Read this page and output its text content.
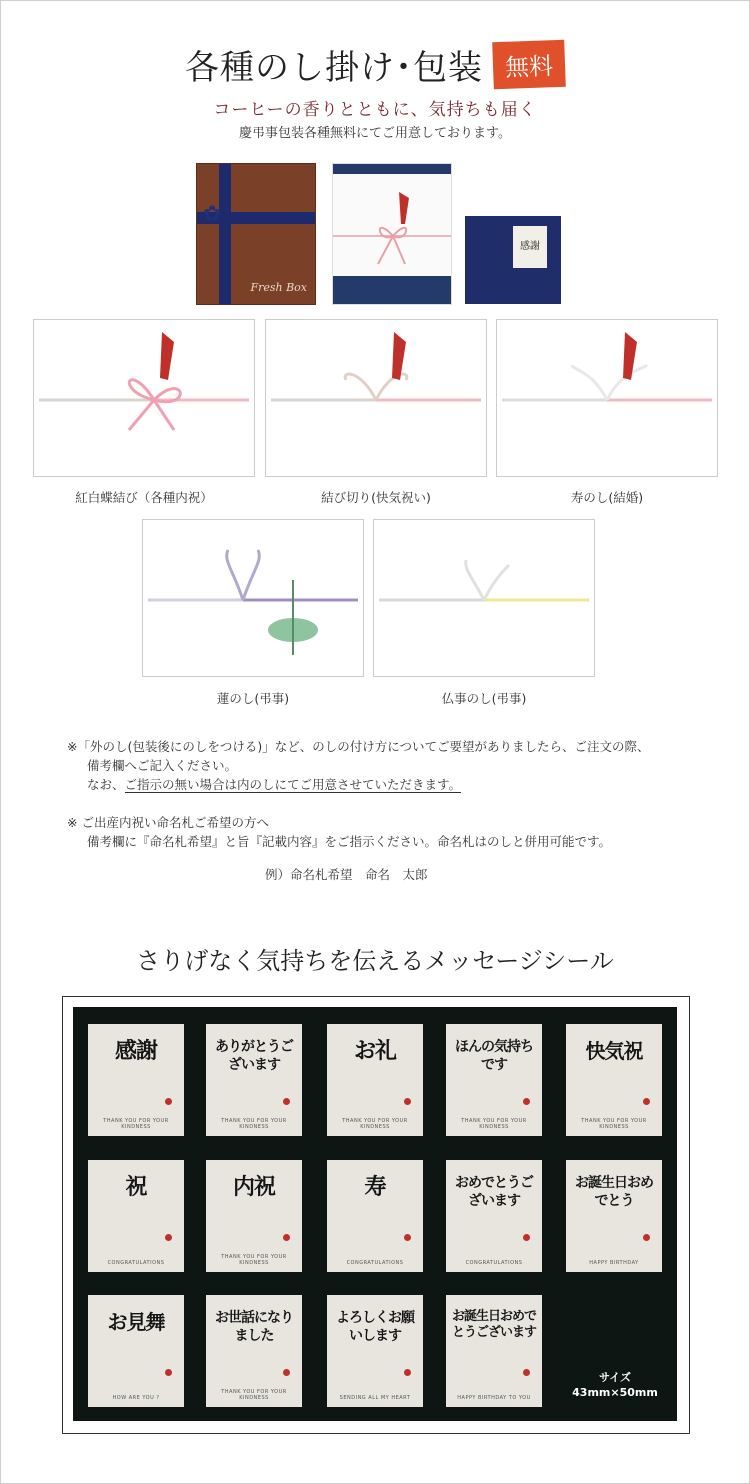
各種のし掛け･包装 無料
コーヒーの香りとともに、気持ちも届く
慶弔事包装各種無料にてご用意しております。
✿
Fresh Box
感謝
紅白蝶結び（各種内祝）	結び切り(快気祝い)	寿のし(結婚)
蓮のし(弔事)	仏事のし(弔事)
※「外のし(包装後にのしをつける)」など、のしの付け方についてご要望がありましたら、ご注文の際、
備考欄へご記入ください。
なお、ご指示の無い場合は内のしにてご用意させていただきます。
※ ご出産内祝い命名札ご希望の方へ
備考欄に『命名札希望』と旨『記載内容』をご指示ください。命名札はのしと併用可能です。
例）命名札希望　命名　太郎
さりげなく気持ちを伝えるメッセージシール
感謝
THANK YOU FOR YOUR KINDNESS
ありがとうございます
THANK YOU FOR YOUR KINDNESS
お礼
THANK YOU FOR YOUR KINDNESS
ほんの気持ちです
THANK YOU FOR YOUR KINDNESS
快気祝
THANK YOU FOR YOUR KINDNESS
祝
CONGRATULATIONS
内祝
THANK YOU FOR YOUR KINDNESS
寿
CONGRATULATIONS
おめでとうございます
CONGRATULATIONS
お誕生日おめでとう
HAPPY BIRTHDAY
お見舞
HOW ARE YOU ?
お世話になりました
THANK YOU FOR YOUR KINDNESS
よろしくお願いします
SENDING ALL MY HEART
お誕生日おめでとうございます
HAPPY BIRTHDAY TO YOU
サイズ
43mm×50mm
